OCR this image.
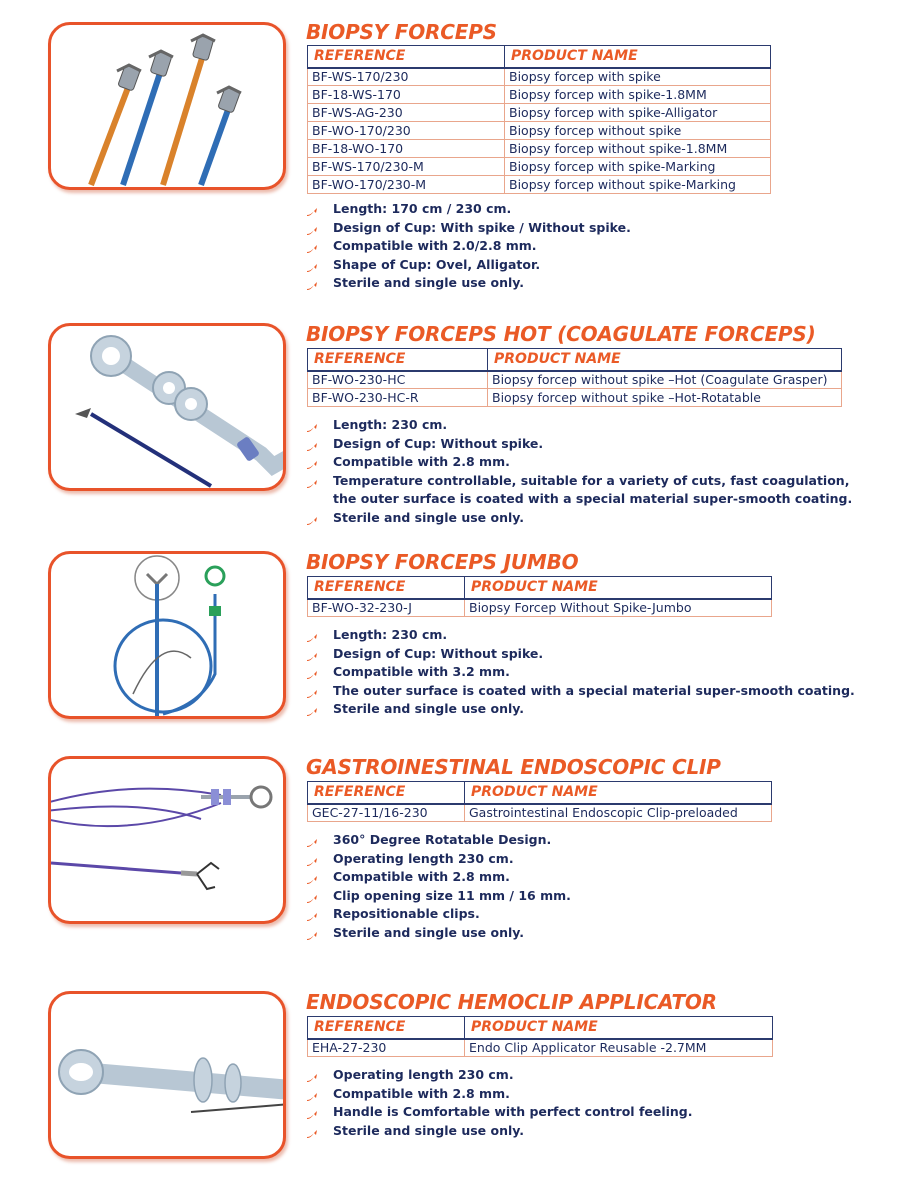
BIOPSY FORCEPS
REFERENCE	PRODUCT NAME
BF-WS-170/230	Biopsy forcep with spike
BF-18-WS-170	Biopsy forcep with spike-1.8MM
BF-WS-AG-230	Biopsy forcep with spike-Alligator
BF-WO-170/230	Biopsy forcep without spike
BF-18-WO-170	Biopsy forcep without spike-1.8MM
BF-WS-170/230-M	Biopsy forcep with spike-Marking
BF-WO-170/230-M	Biopsy forcep without spike-Marking
Length: 170 cm / 230 cm.
Design of Cup: With spike / Without spike.
Compatible with 2.0/2.8 mm.
Shape of Cup: Ovel, Alligator.
Sterile and single use only.
BIOPSY FORCEPS HOT (COAGULATE FORCEPS)
REFERENCE	PRODUCT NAME
BF-WO-230-HC	Biopsy forcep without spike –Hot (Coagulate Grasper)
BF-WO-230-HC-R	Biopsy forcep without spike –Hot-Rotatable
Length: 230 cm.
Design of Cup: Without spike.
Compatible with 2.8 mm.
Temperature controllable, suitable for a variety of cuts, fast coagulation, the outer surface is coated with a special material super-smooth coating.
Sterile and single use only.
BIOPSY FORCEPS JUMBO
REFERENCE	PRODUCT NAME
BF-WO-32-230-J	Biopsy Forcep Without Spike-Jumbo
Length: 230 cm.
Design of Cup: Without spike.
Compatible with 3.2 mm.
The outer surface is coated with a special material super-smooth coating.
Sterile and single use only.
GASTROINESTINAL ENDOSCOPIC CLIP
REFERENCE	PRODUCT NAME
GEC-27-11/16-230	Gastrointestinal Endoscopic Clip-preloaded
360° Degree Rotatable Design.
Operating length 230 cm.
Compatible with 2.8 mm.
Clip opening size 11 mm / 16 mm.
Repositionable clips.
Sterile and single use only.
ENDOSCOPIC HEMOCLIP APPLICATOR
REFERENCE	PRODUCT NAME
EHA-27-230	Endo Clip Applicator Reusable -2.7MM
Operating length 230 cm.
Compatible with 2.8 mm.
Handle is Comfortable with perfect control feeling.
Sterile and single use only.
